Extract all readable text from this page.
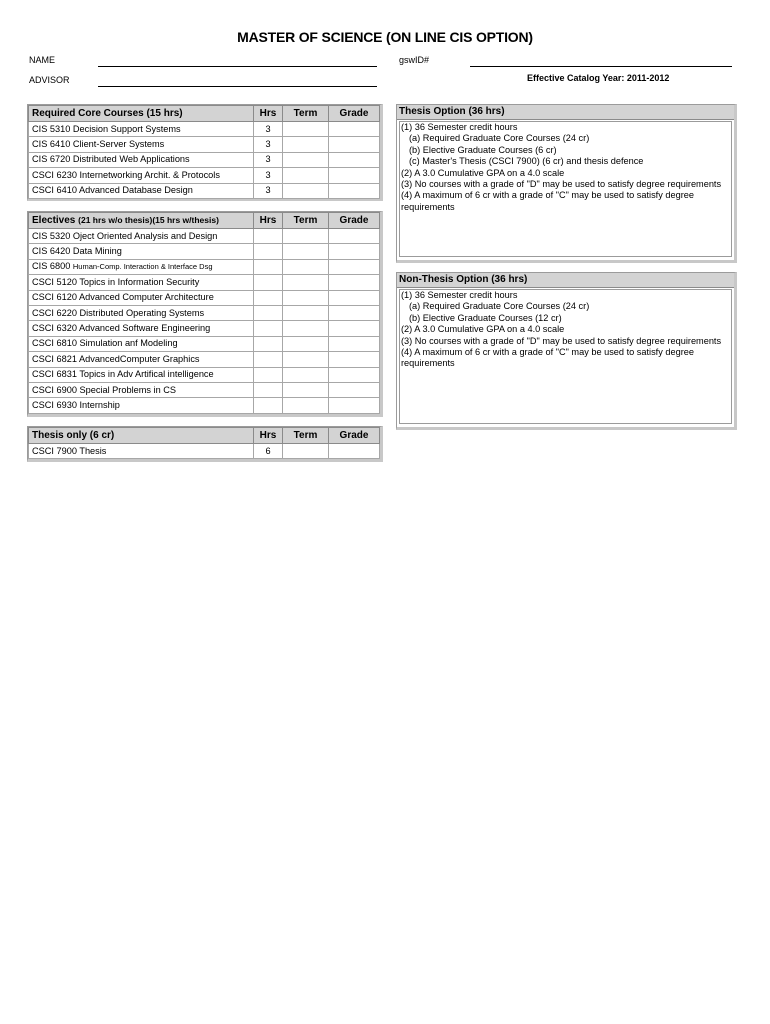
MASTER OF SCIENCE (ON LINE CIS OPTION)
NAME	gswID#
ADVISOR	Effective Catalog Year: 2011-2012
Required Core Courses (15 hrs)	Hrs	Term	Grade
CIS 5310 Decision Support Systems	3		
CIS 6410 Client-Server Systems	3		
CIS 6720 Distributed Web Applications	3		
CSCI 6230 Internetworking Archit. & Protocols	3		
CSCI 6410 Advanced Database Design	3		
Electives (21 hrs w/o thesis)(15 hrs w/thesis)	Hrs	Term	Grade
CIS 5320 Oject Oriented Analysis and Design			
CIS 6420 Data Mining			
CIS 6800 Human-Comp. Interaction & Interface Dsg			
CSCI 5120 Topics in Information Security			
CSCI 6120 Advanced Computer Architecture			
CSCI 6220 Distributed Operating Systems			
CSCI 6320 Advanced Software Engineering			
CSCI 6810 Simulation anf Modeling			
CSCI 6821 AdvancedComputer Graphics			
CSCI 6831 Topics in Adv Artifical intelligence			
CSCI 6900 Special Problems in CS			
CSCI 6930 Internship			
Thesis only (6 cr)	Hrs	Term	Grade
CSCI 7900 Thesis	6		
Thesis Option (36 hrs)
(1) 36 Semester credit hours
(a) Required Graduate Core Courses (24 cr)
(b) Elective Graduate Courses (6 cr)
(c) Master's Thesis (CSCI 7900) (6 cr) and thesis defence
(2) A 3.0 Cumulative GPA on a 4.0 scale
(3) No courses with a grade of "D" may be used to satisfy degree requirements
(4) A maximum of 6 cr with a grade of "C" may be used to satisfy degree requirements
Non-Thesis Option (36 hrs)
(1) 36 Semester credit hours
(a) Required Graduate Core Courses (24 cr)
(b) Elective Graduate Courses (12 cr)
(2) A 3.0 Cumulative GPA on a 4.0 scale
(3) No courses with a grade of "D" may be used to satisfy degree requirements
(4) A maximum of 6 cr with a grade of "C" may be used to satisfy degree requirements
